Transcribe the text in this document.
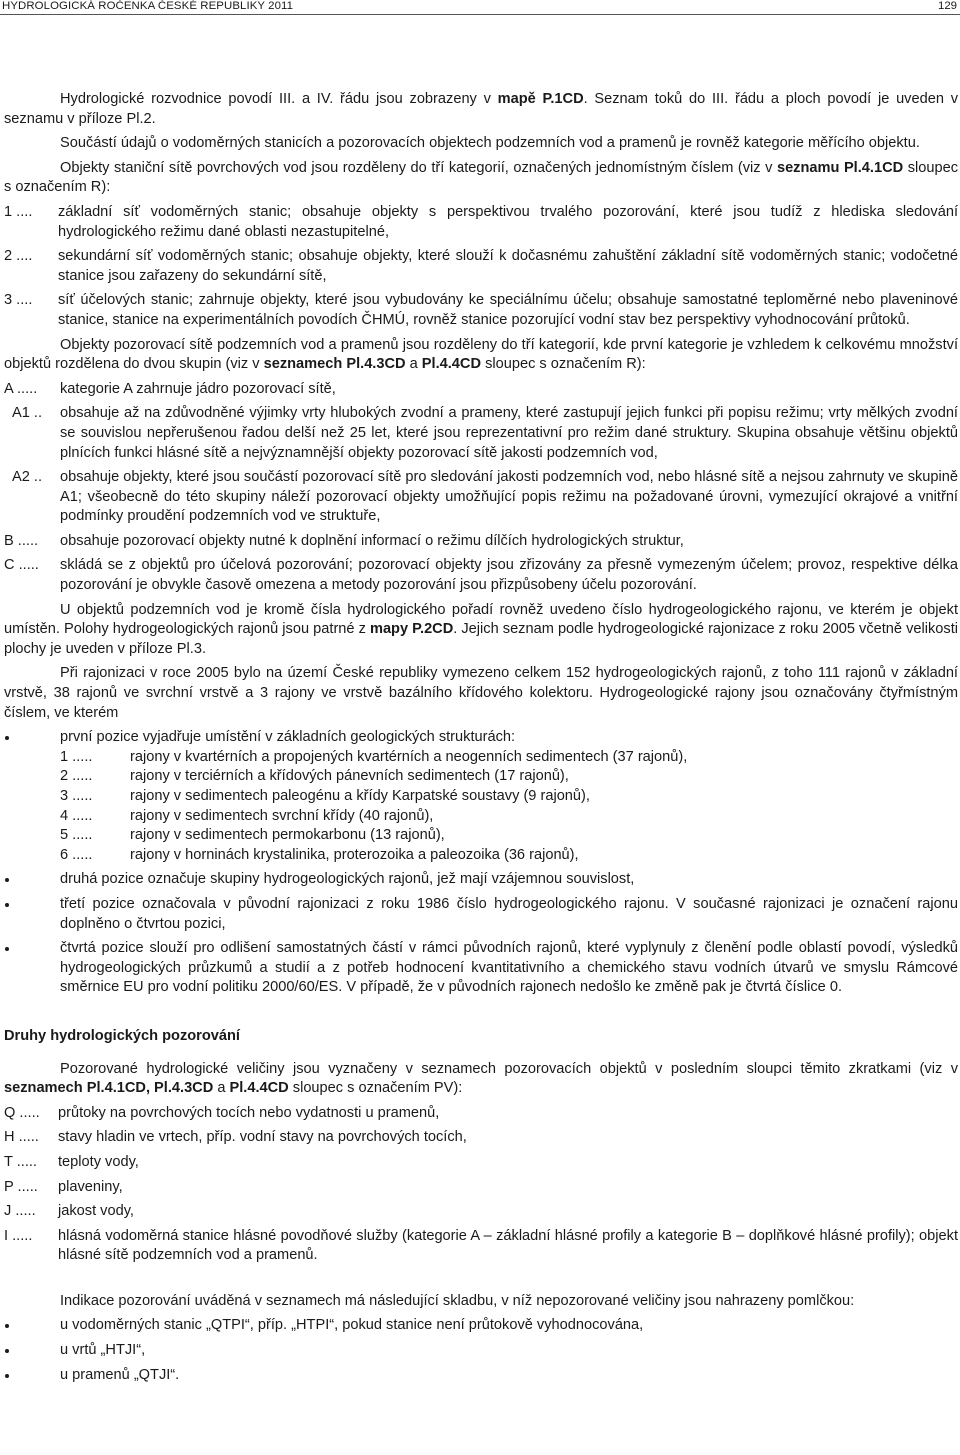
HYDROLOGICKÁ ROČENKA ČESKÉ REPUBLIKY 2011	129

Hydrologické rozvodnice povodí III. a IV. řádu jsou zobrazeny v mapě P.1CD. Seznam toků do III. řádu a ploch povodí je uveden v seznamu v příloze Pl.2.

Součástí údajů o vodoměrných stanicích a pozorovacích objektech podzemních vod a pramenů je rovněž kategorie měřícího objektu.

Objekty staniční sítě povrchových vod jsou rozděleny do tří kategorií, označených jednomístným číslem (viz v seznamu Pl.4.1CD sloupec s označením R):

1 ....	základní síť vodoměrných stanic; obsahuje objekty s perspektivou trvalého pozorování, které jsou tudíž z hlediska sledování hydrologického režimu dané oblasti nezastupitelné,
2 ....	sekundární síť vodoměrných stanic; obsahuje objekty, které slouží k dočasnému zahuštění základní sítě vodoměrných stanic; vodočetné stanice jsou zařazeny do sekundární sítě,
3 ....	síť účelových stanic; zahrnuje objekty, které jsou vybudovány ke speciálnímu účelu; obsahuje samostatné teploměrné nebo plaveninové stanice, stanice na experimentálních povodích ČHMÚ, rovněž stanice pozorující vodní stav bez perspektivy vyhodnocování průtoků.

Objekty pozorovací sítě podzemních vod a pramenů jsou rozděleny do tří kategorií, kde první kategorie je vzhledem k celkovému množství objektů rozdělena do dvou skupin (viz v seznamech Pl.4.3CD a Pl.4.4CD sloupec s označením R):

A .....	kategorie A zahrnuje jádro pozorovací sítě,
A1 ..	obsahuje až na zdůvodněné výjimky vrty hlubokých zvodní a prameny, které zastupují jejich funkci při popisu režimu; vrty mělkých zvodní se souvislou nepřerušenou řadou delší než 25 let, které jsou reprezentativní pro režim dané struktury. Skupina obsahuje většinu objektů plnících funkci hlásné sítě a nejvýznamnější objekty pozorovací sítě jakosti podzemních vod,
A2 ..	obsahuje objekty, které jsou součástí pozorovací sítě pro sledování jakosti podzemních vod, nebo hlásné sítě a nejsou zahrnuty ve skupině A1; všeobecně do této skupiny náleží pozorovací objekty umožňující popis režimu na požadované úrovni, vymezující okrajové a vnitřní podmínky proudění podzemních vod ve struktuře,
B .....	obsahuje pozorovací objekty nutné k doplnění informací o režimu dílčích hydrologických struktur,
C .....	skládá se z objektů pro účelová pozorování; pozorovací objekty jsou zřizovány za přesně vymezeným účelem; provoz, respektive délka pozorování je obvykle časově omezena a metody pozorování jsou přizpůsobeny účelu pozorování.

U objektů podzemních vod je kromě čísla hydrologického pořadí rovněž uvedeno číslo hydrogeologického rajonu, ve kterém je objekt umístěn. Polohy hydrogeologických rajonů jsou patrné z mapy P.2CD. Jejich seznam podle hydrogeologické rajonizace z roku 2005 včetně velikosti plochy je uveden v příloze Pl.3.

Při rajonizaci v roce 2005 bylo na území České republiky vymezeno celkem 152 hydrogeologických rajonů, z toho 111 rajonů v základní vrstvě, 38 rajonů ve svrchní vrstvě a 3 rajony ve vrstvě bazálního křídového kolektoru. Hydrogeologické rajony jsou označovány čtyřmístným číslem, ve kterém

první pozice vyjadřuje umístění v základních geologických strukturách:
1 .....	rajony v kvartérních a propojených kvartérních a neogenních sedimentech (37 rajonů),
2 .....	rajony v terciérních a křídových pánevních sedimentech (17 rajonů),
3 .....	rajony v sedimentech paleogénu a křídy Karpatské soustavy (9 rajonů),
4 .....	rajony v sedimentech svrchní křídy (40 rajonů),
5 .....	rajony v sedimentech permokarbonu (13 rajonů),
6 .....	rajony v horninách krystalinika, proterozoika a paleozoika (36 rajonů),
druhá pozice označuje skupiny hydrogeologických rajonů, jež mají vzájemnou souvislost,
třetí pozice označovala v původní rajonizaci z roku 1986 číslo hydrogeologického rajonu. V současné rajonizaci je označení rajonu doplněno o čtvrtou pozici,
čtvrtá pozice slouží pro odlišení samostatných částí v rámci původních rajonů, které vyplynuly z členění podle oblastí povodí, výsledků hydrogeologických průzkumů a studií a z potřeb hodnocení kvantitativního a chemického stavu vodních útvarů ve smyslu Rámcové směrnice EU pro vodní politiku 2000/60/ES. V případě, že v původních rajonech nedošlo ke změně pak je čtvrtá číslice 0.
Druhy hydrologických pozorování

Pozorované hydrologické veličiny jsou vyznačeny v seznamech pozorovacích objektů v posledním sloupci těmito zkratkami (viz v seznamech Pl.4.1CD, Pl.4.3CD a Pl.4.4CD sloupec s označením PV):

Q .....	průtoky na povrchových tocích nebo vydatnosti u pramenů,
H .....	stavy hladin ve vrtech, příp. vodní stavy na povrchových tocích,
T .....	teploty vody,
P .....	plaveniny,
J .....	jakost vody,
I .....	hlásná vodoměrná stanice hlásné povodňové služby (kategorie A – základní hlásné profily a kategorie B – doplňkové hlásné profily); objekt hlásné sítě podzemních vod a pramenů.

Indikace pozorování uváděná v seznamech má následující skladbu, v níž nepozorované veličiny jsou nahrazeny pomlčkou:

u vodoměrných stanic „QTPI“, příp. „HTPI“, pokud stanice není průtokově vyhodnocována,
u vrtů „HTJI“,
u pramenů „QTJI“.
